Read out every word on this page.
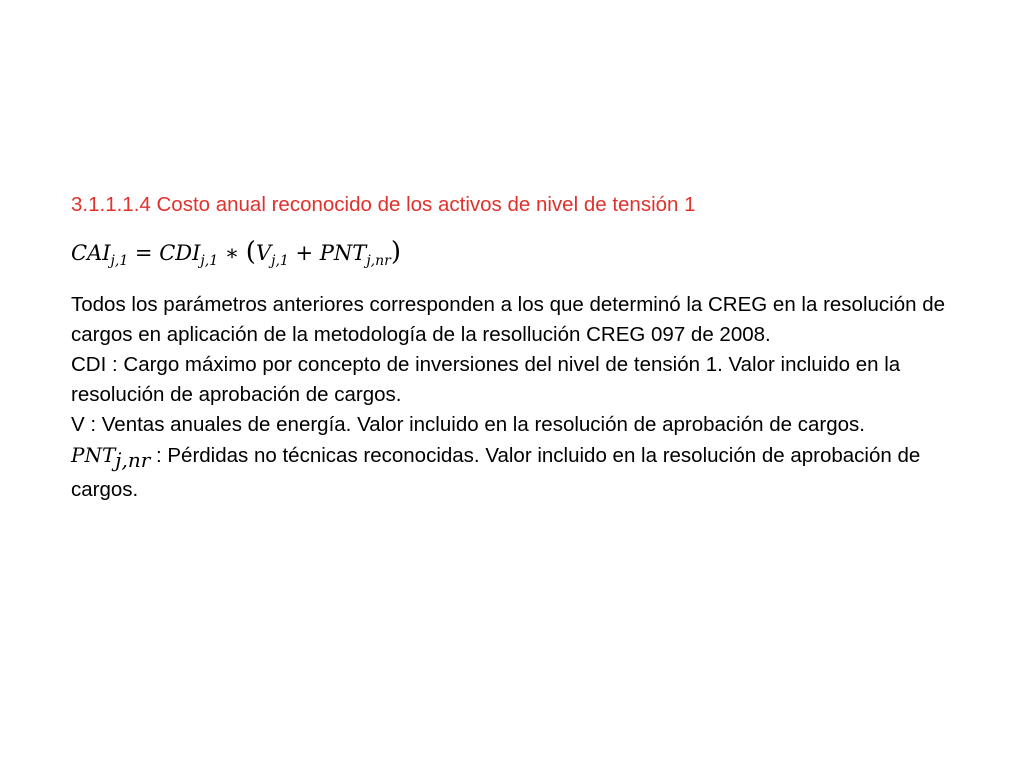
3.1.1.1.4 Costo anual reconocido de los activos de nivel de tensión 1

$CAI_{j,1} = CDI_{j,1}$ ∗ $(V_{j,1} + PNT_{j,nr})$

Todos los parámetros anteriores corresponden a los que determinó la CREG en la resolución de cargos en aplicación de la metodología de la resollución CREG 097 de 2008.

CDI : Cargo máximo por concepto de inversiones del nivel de tensión 1. Valor incluido en la resolución de aprobación de cargos.

V : Ventas anuales de energía. Valor incluido en la resolución de aprobación de cargos.

$PNT_{j,nr}$ : Pérdidas no técnicas reconocidas. Valor incluido en la resolución de aprobación de cargos.
